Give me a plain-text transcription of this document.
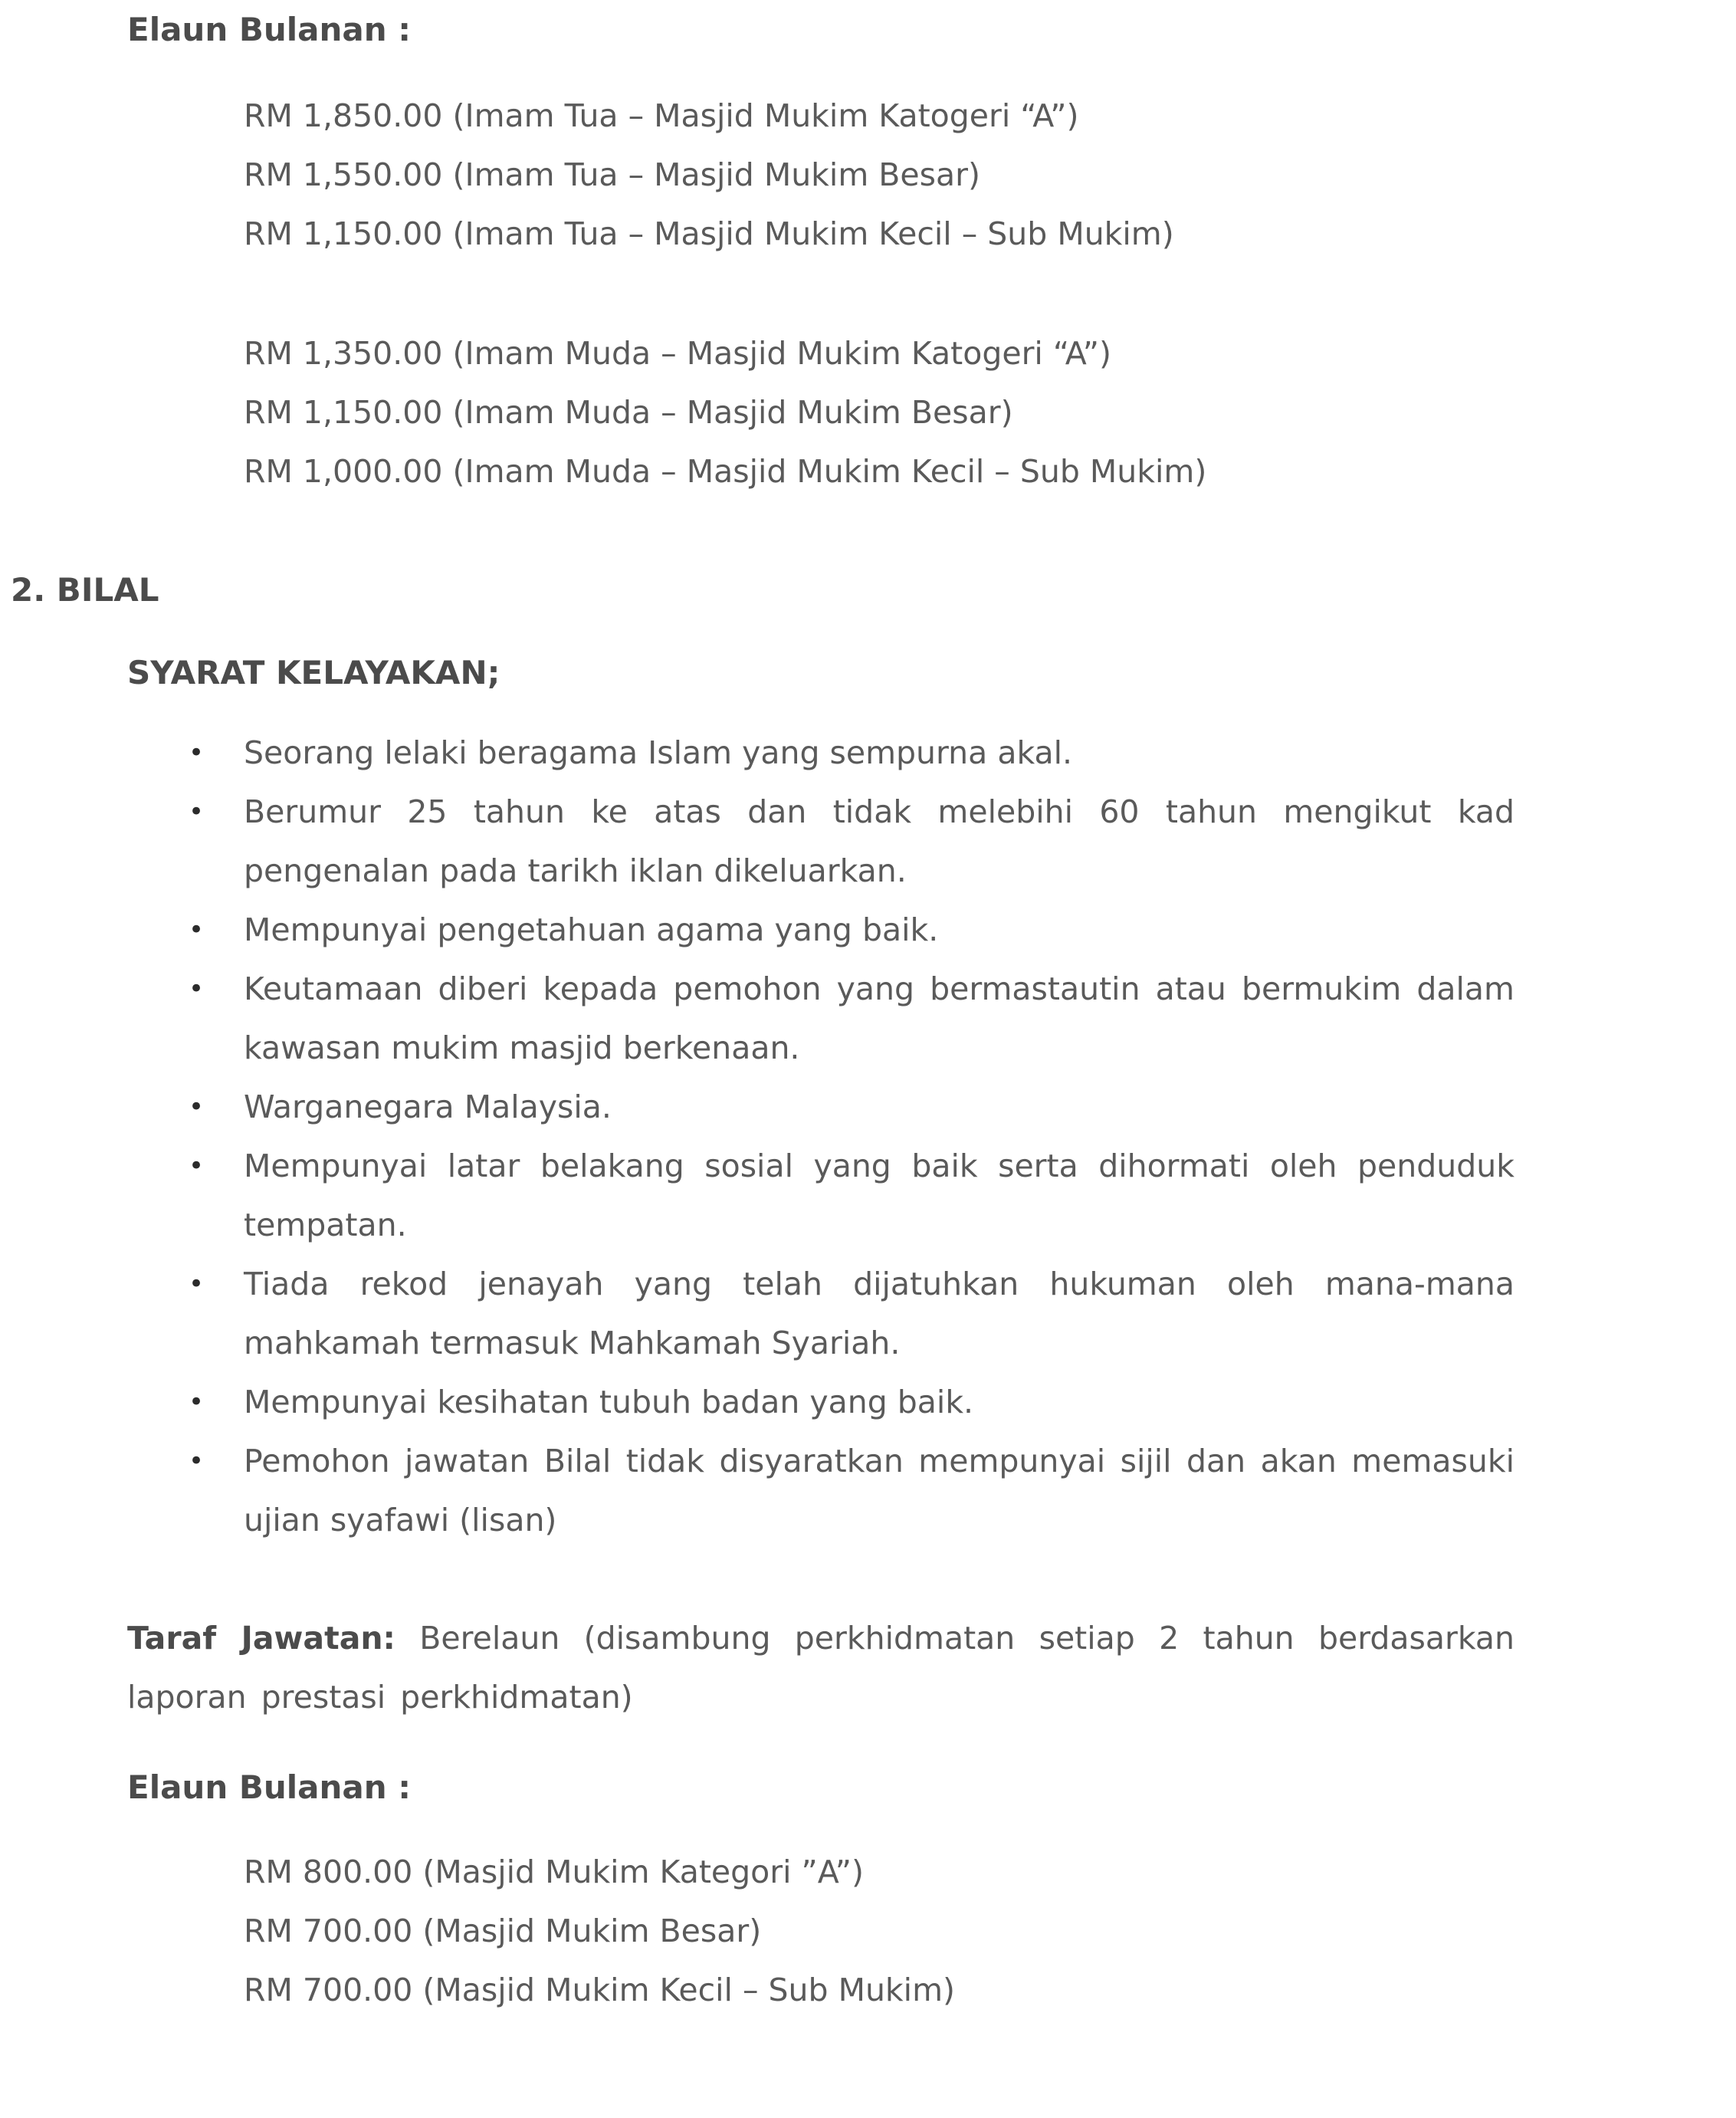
Elaun Bulanan :
RM 1,850.00 (Imam Tua – Masjid Mukim Katogeri “A”)
RM 1,550.00 (Imam Tua – Masjid Mukim Besar)
RM 1,150.00 (Imam Tua – Masjid Mukim Kecil – Sub Mukim)
RM 1,350.00 (Imam Muda – Masjid Mukim Katogeri “A”)
RM 1,150.00 (Imam Muda – Masjid Mukim Besar)
RM 1,000.00 (Imam Muda – Masjid Mukim Kecil – Sub Mukim)
2. BILAL
SYARAT KELAYAKAN;
• Seorang lelaki beragama Islam yang sempurna akal.
• Berumur 25 tahun ke atas dan tidak melebihi 60 tahun mengikut kad pengenalan pada tarikh iklan dikeluarkan.
• Mempunyai pengetahuan agama yang baik.
• Keutamaan diberi kepada pemohon yang bermastautin atau bermukim dalam kawasan mukim masjid berkenaan.
• Warganegara Malaysia.
• Mempunyai latar belakang sosial yang baik serta dihormati oleh penduduk tempatan.
• Tiada rekod jenayah yang telah dijatuhkan hukuman oleh mana-mana mahkamah termasuk Mahkamah Syariah.
• Mempunyai kesihatan tubuh badan yang baik.
• Pemohon jawatan Bilal tidak disyaratkan mempunyai sijil dan akan memasuki ujian syafawi (lisan)

Taraf Jawatan: Berelaun (disambung perkhidmatan setiap 2 tahun berdasarkan laporan prestasi perkhidmatan)

Elaun Bulanan :
RM 800.00 (Masjid Mukim Kategori ”A”)
RM 700.00 (Masjid Mukim Besar)
RM 700.00 (Masjid Mukim Kecil – Sub Mukim)
